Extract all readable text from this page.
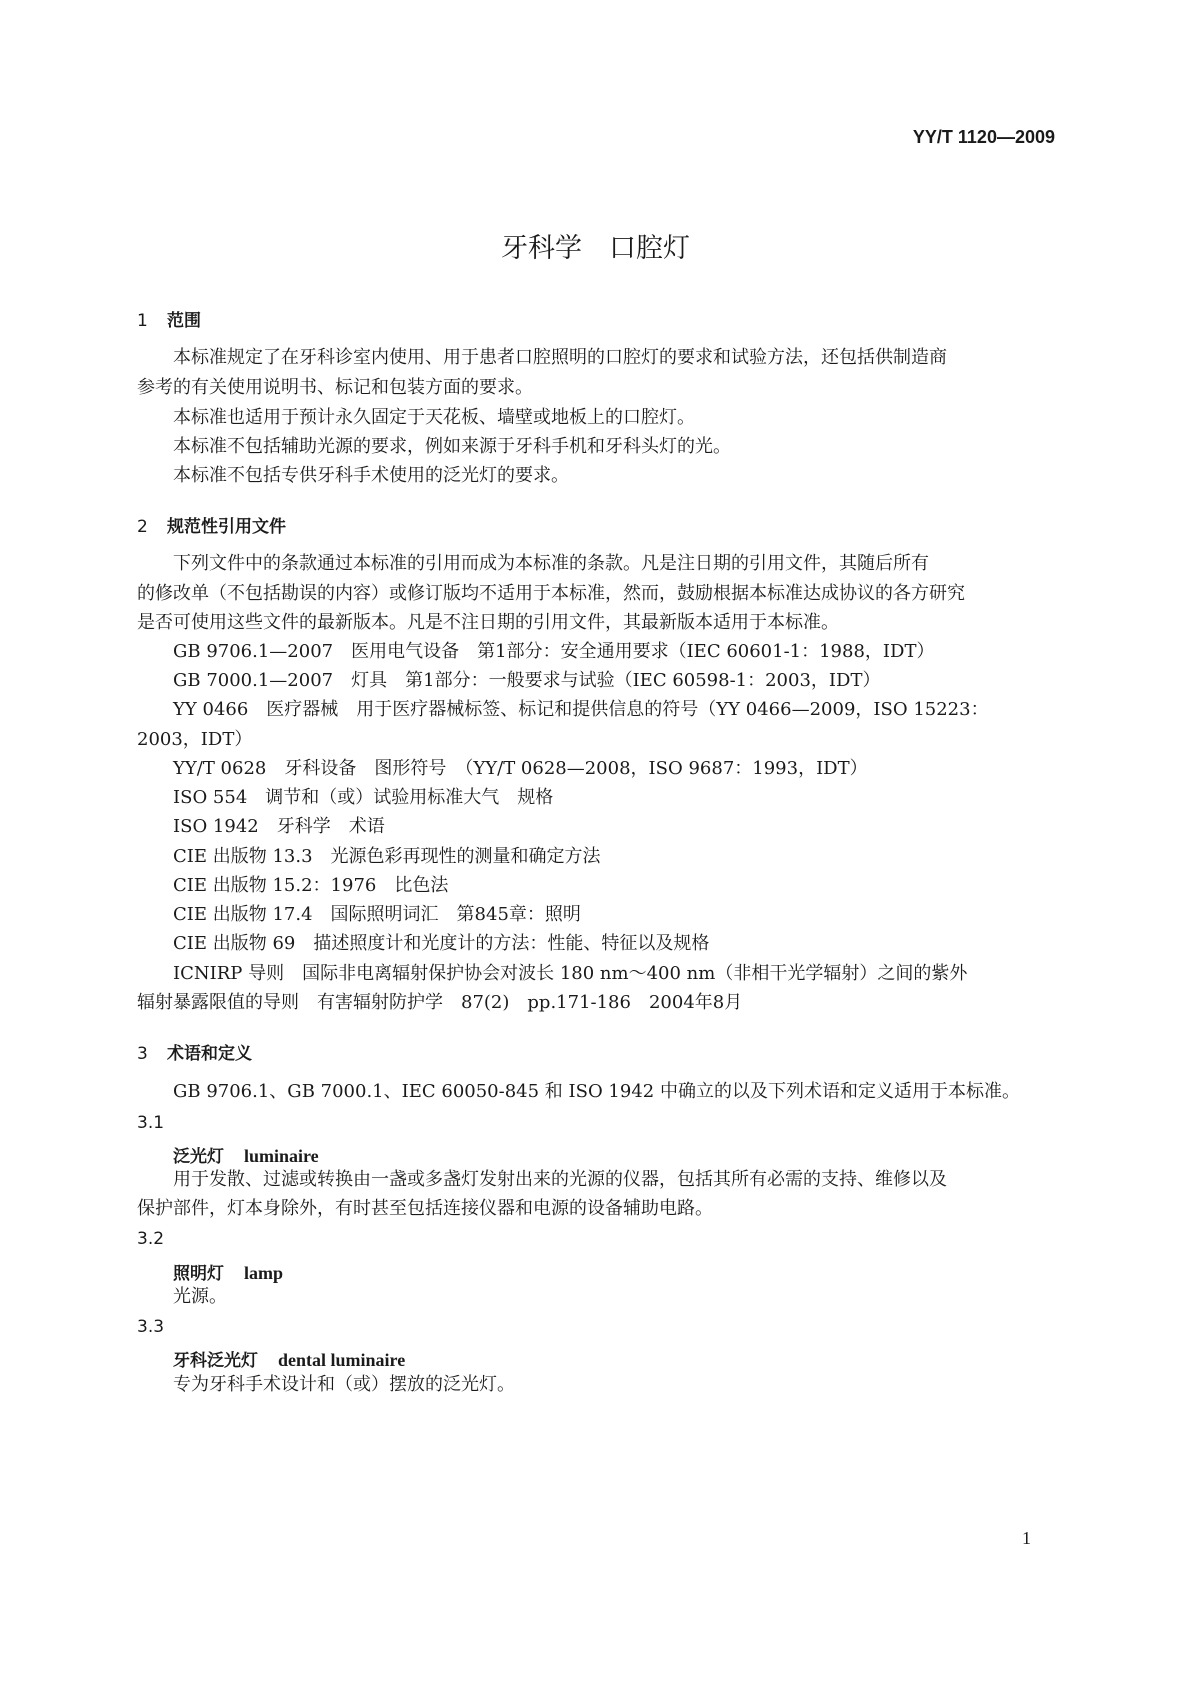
YY/T 1120—2009
牙科学　口腔灯
1 范围
本标准规定了在牙科诊室内使用、用于患者口腔照明的口腔灯的要求和试验方法，还包括供制造商
参考的有关使用说明书、标记和包装方面的要求。
本标准也适用于预计永久固定于天花板、墙壁或地板上的口腔灯。
本标准不包括辅助光源的要求，例如来源于牙科手机和牙科头灯的光。
本标准不包括专供牙科手术使用的泛光灯的要求。
2 规范性引用文件
下列文件中的条款通过本标准的引用而成为本标准的条款。凡是注日期的引用文件，其随后所有
的修改单（不包括勘误的内容）或修订版均不适用于本标准，然而，鼓励根据本标准达成协议的各方研究
是否可使用这些文件的最新版本。凡是不注日期的引用文件，其最新版本适用于本标准。
GB 9706.1—2007　医用电气设备　第1部分：安全通用要求（IEC 60601-1：1988，IDT）
GB 7000.1—2007　灯具　第1部分：一般要求与试验（IEC 60598-1：2003，IDT）
YY 0466　医疗器械　用于医疗器械标签、标记和提供信息的符号（YY 0466—2009，ISO 15223：
2003，IDT）
YY/T 0628　牙科设备　图形符号　（YY/T 0628—2008，ISO 9687：1993，IDT）
ISO 554　调节和（或）试验用标准大气　规格
ISO 1942　牙科学　术语
CIE 出版物 13.3　光源色彩再现性的测量和确定方法
CIE 出版物 15.2：1976　比色法
CIE 出版物 17.4　国际照明词汇　第845章：照明
CIE 出版物 69　描述照度计和光度计的方法：性能、特征以及规格
ICNIRP 导则　国际非电离辐射保护协会对波长 180 nm～400 nm（非相干光学辐射）之间的紫外
辐射暴露限值的导则　有害辐射防护学　87(2)　pp.171-186　2004年8月
3 术语和定义
GB 9706.1、GB 7000.1、IEC 60050-845 和 ISO 1942 中确立的以及下列术语和定义适用于本标准。
3.1
泛光灯 luminaire
用于发散、过滤或转换由一盏或多盏灯发射出来的光源的仪器，包括其所有必需的支持、维修以及
保护部件，灯本身除外，有时甚至包括连接仪器和电源的设备辅助电路。
3.2
照明灯 lamp
光源。
3.3
牙科泛光灯 dental luminaire
专为牙科手术设计和（或）摆放的泛光灯。
1
